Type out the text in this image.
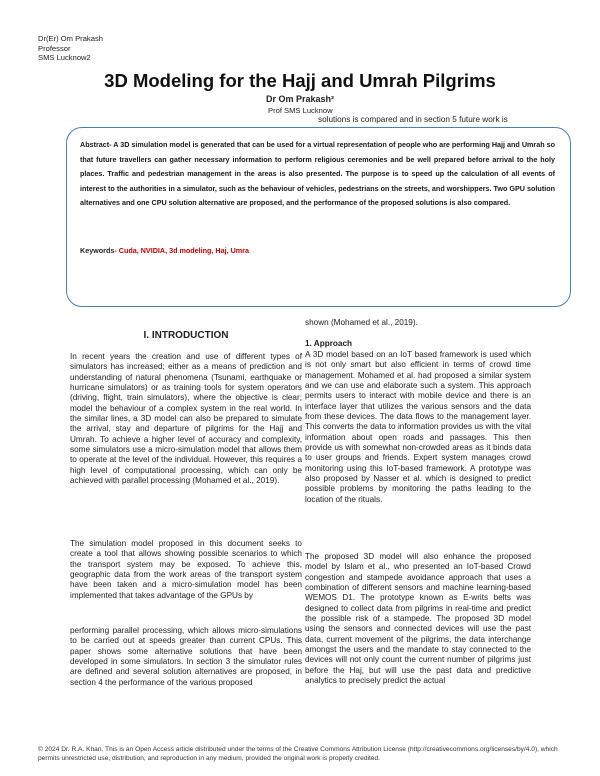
Dr(Er) Om Prakash
Professor
SMS Lucknow2
3D Modeling for the Hajj and Umrah Pilgrims
Dr Om Prakash²
Prof SMS Lucknow
solutions is compared and in section 5 future work is
Abstract- A 3D simulation model is generated that can be used for a virtual representation of people who are performing Hajj and Umrah so that future travellers can gather necessary information to perform religious ceremonies and be well prepared before arrival to the holy places. Traffic and pedestrian management in the areas is also presented. The purpose is to speed up the calculation of all events of interest to the authorities in a simulator, such as the behaviour of vehicles, pedestrians on the streets, and worshippers. Two GPU solution alternatives and one CPU solution alternative are proposed, and the performance of the proposed solutions is also compared.
Keywords- Cuda, NVIDIA, 3d modeling, Haj, Umra
shown (Mohamed et al., 2019).
I. INTRODUCTION
In recent years the creation and use of different types of simulators has increased; either as a means of prediction and understanding of natural phenomena (Tsunami, earthquake or hurricane simulators) or as training tools for system operators (driving, flight, train simulators), where the objective is clear; model the behaviour of a complex system in the real world. In the similar lines, a 3D model can also be prepared to simulate the arrival, stay and departure of pilgrims for the Hajj and Umrah. To achieve a higher level of accuracy and complexity, some simulators use a micro-simulation model that allows them to operate at the level of the individual. However, this requires a high level of computational processing, which can only be achieved with parallel processing (Mohamed et al., 2019).
The simulation model proposed in this document seeks to create a tool that allows showing possible scenarios to which the transport system may be exposed. To achieve this, geographic data from the work areas of the transport system have been taken and a micro-simulation model has been implemented that takes advantage of the GPUs by
performing parallel processing, which allows micro-simulations to be carried out at speeds greater than current CPUs. This paper shows some alternative solutions that have been developed in some simulators. In section 3 the simulator rules are defined and several solution alternatives are proposed, in section 4 the performance of the various proposed
1. Approach
A 3D model based on an IoT based framework is used which is not only smart but also efficient in terms of crowd time management. Mohamed et al. had proposed a similar system and we can use and elaborate such a system. This approach permits users to interact with mobile device and there is an interface layer that utilizes the various sensors and the data from these devices. The data flows to the management layer. This converts the data to information provides us with the vital information about open roads and passages. This then provide us with somewhat non-crowded areas as it binds data to user groups and friends. Expert system manages crowd monitoring using this IoT-based framework. A prototype was also proposed by Nasser et al. which is designed to predict possible problems by monitoring the paths leading to the location of the rituals.
The proposed 3D model will also enhance the proposed model by Islam et al., who presented an IoT-based Crowd congestion and stampede avoidance approach that uses a combination of different sensors and machine learning-based WEMOS D1. The prototype known as E-writs belts was designed to collect data from pilgrims in real-time and predict the possible risk of a stampede. The proposed 3D model using the sensors and connected devices will use the past data, current movement of the pilgrims, the data interchange amongst the users and the mandate to stay connected to the devices will not only count the current number of pilgrims just before the Haj, but will use the past data and predictive analytics to precisely predict the actual
© 2024 Dr. R.A. Khan. This is an Open Access article distributed under the terms of the Creative Commons Attribution License (http://creativecommons.org/licenses/by/4.0), which permits unrestricted use, distribution, and reproduction in any medium, provided the original work is properly credited.
